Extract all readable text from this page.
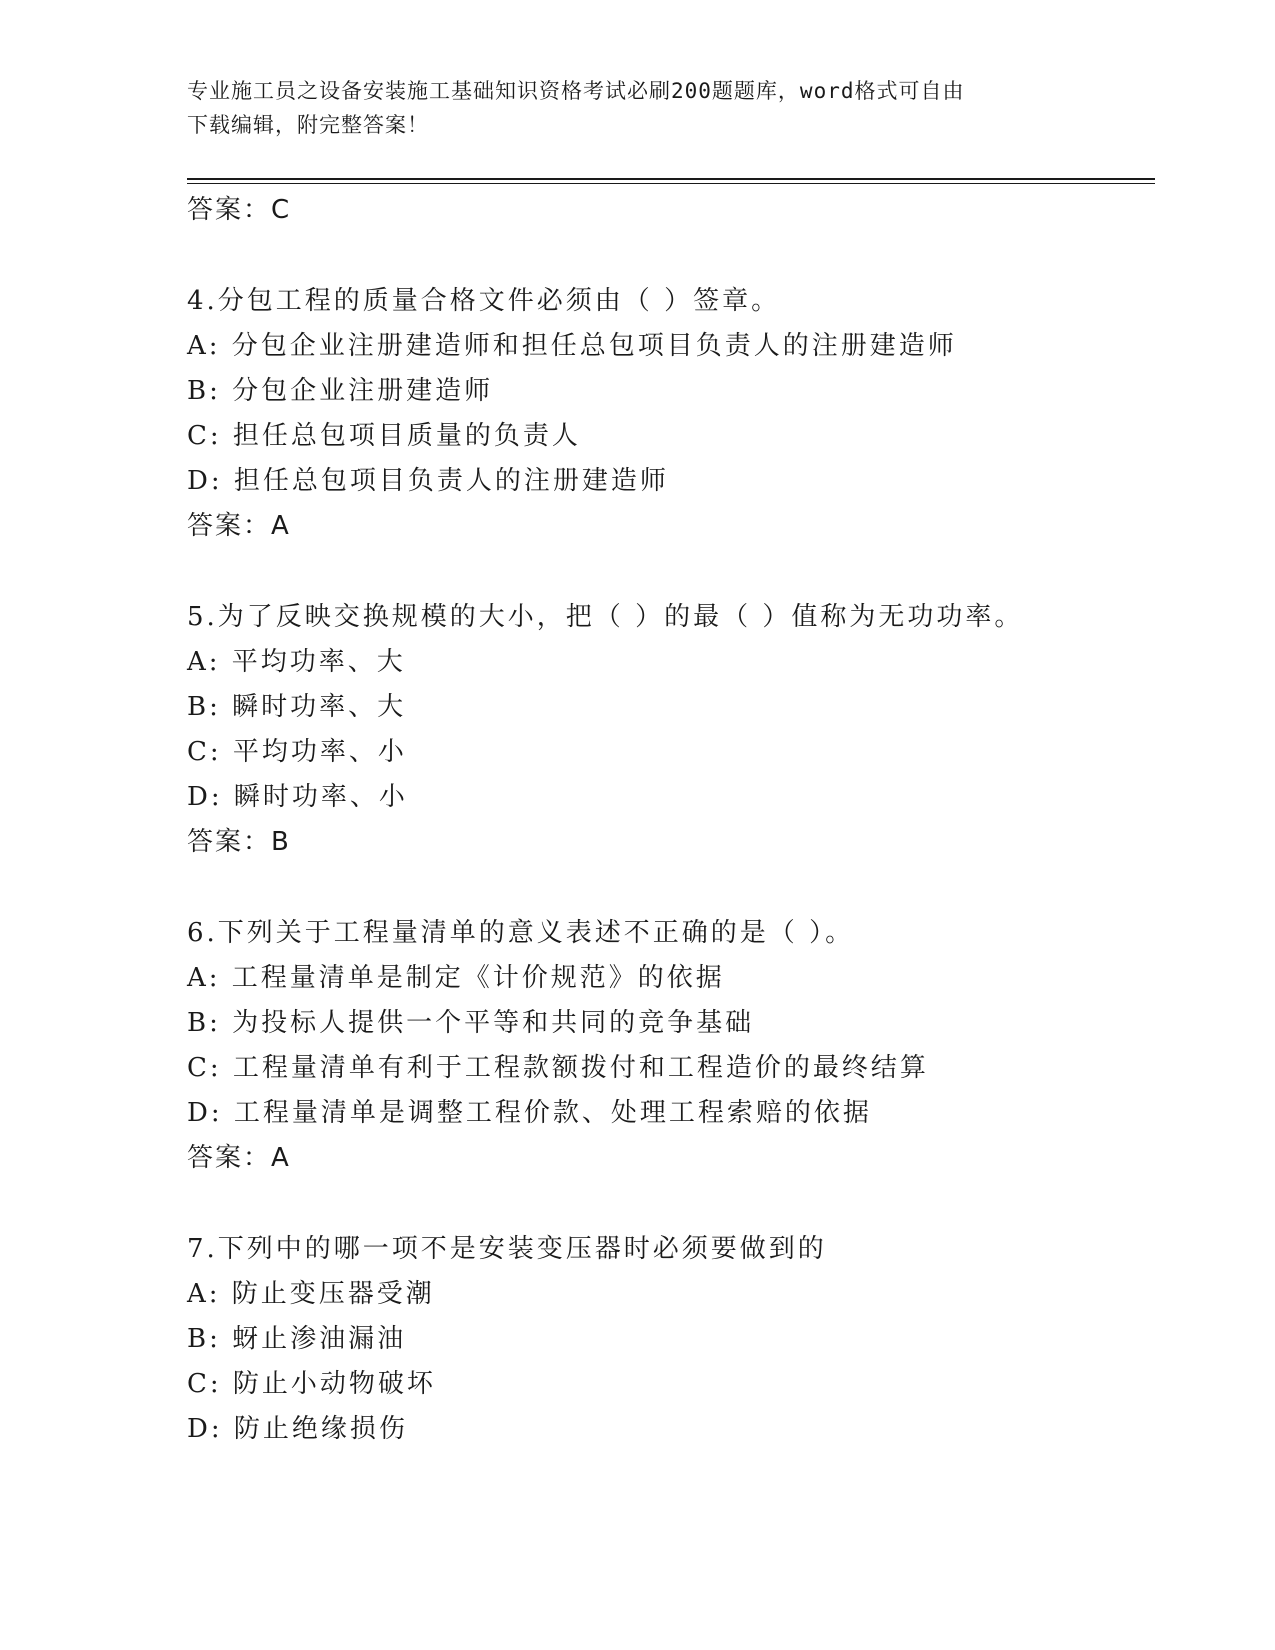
专业施工员之设备安装施工基础知识资格考试必刷200题题库，word格式可自由
下载编辑，附完整答案！
答案：C
4.分包工程的质量合格文件必须由（ ）签章。
A: 分包企业注册建造师和担任总包项目负责人的注册建造师
B: 分包企业注册建造师
C: 担任总包项目质量的负责人
D: 担任总包项目负责人的注册建造师
答案：A
5.为了反映交换规模的大小，把（ ）的最（ ）值称为无功功率。
A: 平均功率、大
B: 瞬时功率、大
C: 平均功率、小
D: 瞬时功率、小
答案：B
6.下列关于工程量清单的意义表述不正确的是（ ）。
A: 工程量清单是制定《计价规范》的依据
B: 为投标人提供一个平等和共同的竞争基础
C: 工程量清单有利于工程款额拨付和工程造价的最终结算
D: 工程量清单是调整工程价款、处理工程索赔的依据
答案：A
7.下列中的哪一项不是安装变压器时必须要做到的
A: 防止变压器受潮
B: 蚜止渗油漏油
C: 防止小动物破坏
D: 防止绝缘损伤
